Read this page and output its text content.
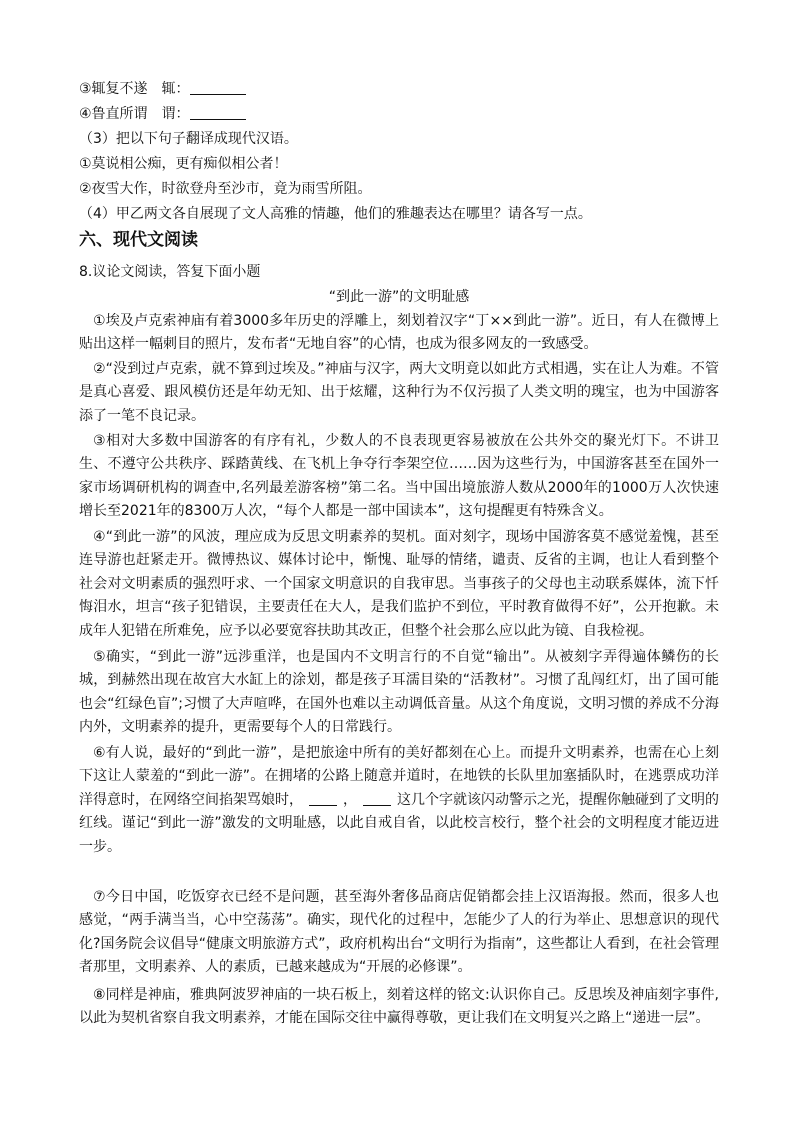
③辄复不遂　辄：
④鲁直所谓　谓：
（3）把以下句子翻译成现代汉语。
①莫说相公痴，更有痴似相公者！
②夜雪大作，时欲登舟至沙市，竟为雨雪所阻。
（4）甲乙两文各自展现了文人高雅的情趣，他们的雅趣表达在哪里？请各写一点。
六、现代文阅读
8.议论文阅读，答复下面小题
“到此一游”的文明耻感
①埃及卢克索神庙有着3000多年历史的浮雕上，刻划着汉字“丁××到此一游”。近日，有人在微博上贴出这样一幅刺目的照片，发布者“无地自容”的心情，也成为很多网友的一致感受。
②“没到过卢克索，就不算到过埃及。”神庙与汉字，两大文明竟以如此方式相遇，实在让人为难。不管是真心喜爱、跟风模仿还是年幼无知、出于炫耀，这种行为不仅污损了人类文明的瑰宝，也为中国游客添了一笔不良记录。
③相对大多数中国游客的有序有礼，少数人的不良表现更容易被放在公共外交的聚光灯下。不讲卫生、不遵守公共秩序、踩踏黄线、在飞机上争夺行李架空位……因为这些行为，中国游客甚至在国外一家市场调研机构的调查中,名列最差游客榜”第二名。当中国出境旅游人数从2000年的1000万人次快速增长至2021年的8300万人次，“每个人都是一部中国读本”，这句提醒更有特殊含义。
④“到此一游”的风波，理应成为反思文明素养的契机。面对刻字，现场中国游客莫不感觉羞愧，甚至连导游也赶紧走开。微博热议、媒体讨论中，惭愧、耻辱的情绪，谴责、反省的主调，也让人看到整个社会对文明素质的强烈吁求、一个国家文明意识的自我审思。当事孩子的父母也主动联系媒体，流下忏悔泪水，坦言“孩子犯错误，主要责任在大人，是我们监护不到位，平时教育做得不好”，公开抱歉。未成年人犯错在所难免，应予以必要宽容扶助其改正，但整个社会那么应以此为镜、自我检视。
⑤确实，“到此一游”远涉重洋，也是国内不文明言行的不自觉“输出”。从被刻字弄得遍体鳞伤的长城，到赫然出现在故宫大水缸上的涂划，都是孩子耳濡目染的“活教材”。习惯了乱闯红灯，出了国可能也会“红绿色盲”;习惯了大声喧哗，在国外也难以主动调低音量。从这个角度说，文明习惯的养成不分海内外，文明素养的提升，更需要每个人的日常践行。
⑥有人说，最好的“到此一游”，是把旅途中所有的美好都刻在心上。而提升文明素养，也需在心上刻下这让人蒙羞的“到此一游”。在拥堵的公路上随意并道时，在地铁的长队里加塞插队时，在逃票成功洋洋得意时，在网络空间掐架骂娘时，	，	这几个字就该闪动警示之光，提醒你触碰到了文明的红线。谨记“到此一游”激发的文明耻感，以此自戒自省，以此校言校行，整个社会的文明程度才能迈进一步。
⑦今日中国，吃饭穿衣已经不是问题，甚至海外奢侈品商店促销都会挂上汉语海报。然而，很多人也感觉，“两手满当当，心中空荡荡”。确实，现代化的过程中，怎能少了人的行为举止、思想意识的现代化?国务院会议倡导“健康文明旅游方式”，政府机构出台“文明行为指南”，这些都让人看到，在社会管理者那里，文明素养、人的素质，已越来越成为“开展的必修课”。
⑧同样是神庙，雅典阿波罗神庙的一块石板上，刻着这样的铭文:认识你自己。反思埃及神庙刻字事件,以此为契机省察自我文明素养，才能在国际交往中赢得尊敬，更让我们在文明复兴之路上“递进一层”。
